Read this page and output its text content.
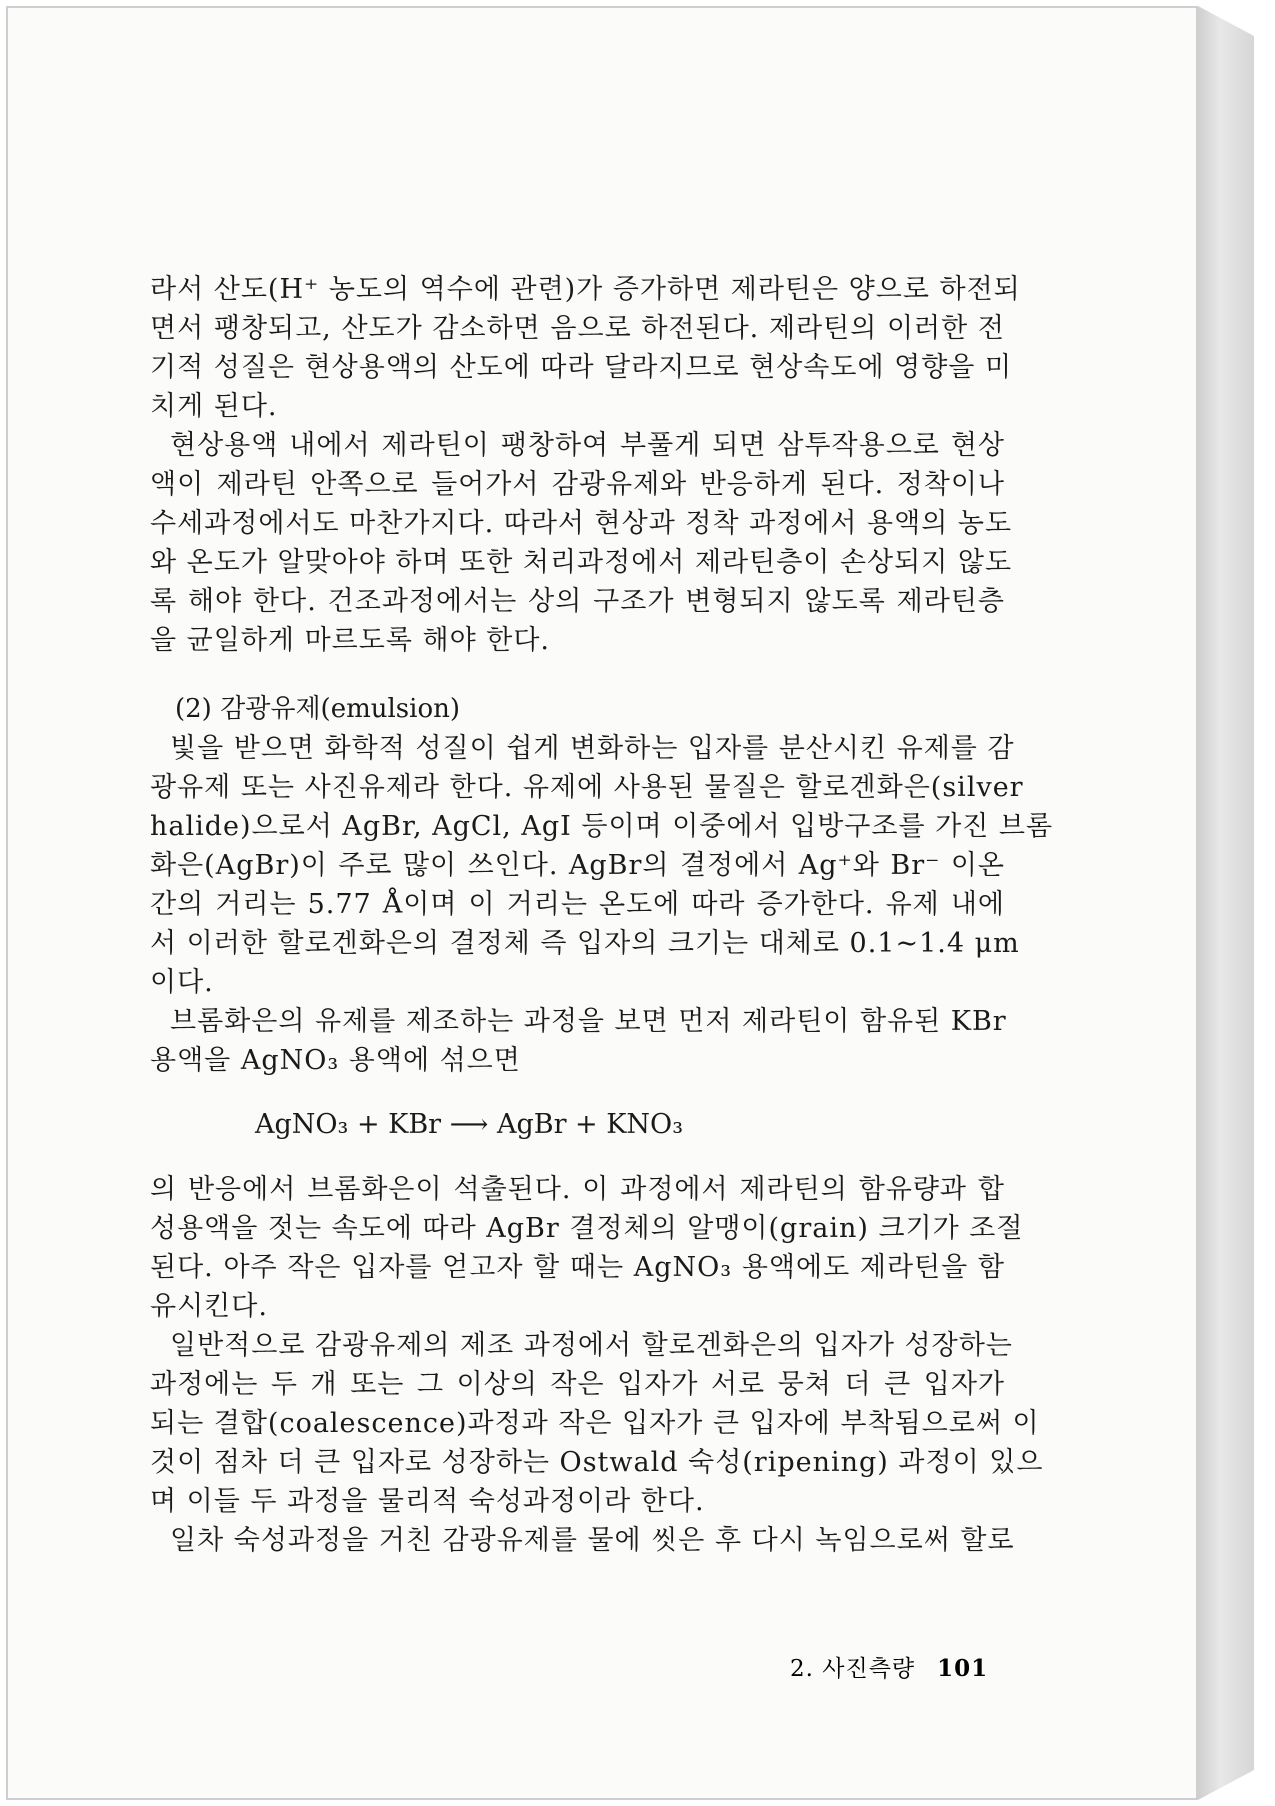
라서 산도(H⁺ 농도의 역수에 관련)가 증가하면 제라틴은 양으로 하전되
면서 팽창되고, 산도가 감소하면 음으로 하전된다. 제라틴의 이러한 전
기적 성질은 현상용액의 산도에 따라 달라지므로 현상속도에 영향을 미
치게 된다.
현상용액 내에서 제라틴이 팽창하여 부풀게 되면 삼투작용으로 현상
액이 제라틴 안쪽으로 들어가서 감광유제와 반응하게 된다. 정착이나
수세과정에서도 마찬가지다. 따라서 현상과 정착 과정에서 용액의 농도
와 온도가 알맞아야 하며 또한 처리과정에서 제라틴층이 손상되지 않도
록 해야 한다. 건조과정에서는 상의 구조가 변형되지 않도록 제라틴층
을 균일하게 마르도록 해야 한다.
(2) 감광유제(emulsion)
빛을 받으면 화학적 성질이 쉽게 변화하는 입자를 분산시킨 유제를 감
광유제 또는 사진유제라 한다. 유제에 사용된 물질은 할로겐화은(silver
halide)으로서 AgBr, AgCl, AgI 등이며 이중에서 입방구조를 가진 브롬
화은(AgBr)이 주로 많이 쓰인다. AgBr의 결정에서 Ag⁺와 Br⁻ 이온
간의 거리는 5.77 Å이며 이 거리는 온도에 따라 증가한다. 유제 내에
서 이러한 할로겐화은의 결정체 즉 입자의 크기는 대체로 0.1∼1.4 μm
이다.
브롬화은의 유제를 제조하는 과정을 보면 먼저 제라틴이 함유된 KBr
용액을 AgNO₃ 용액에 섞으면
AgNO₃ + KBr ⟶ AgBr + KNO₃
의 반응에서 브롬화은이 석출된다. 이 과정에서 제라틴의 함유량과 합
성용액을 젓는 속도에 따라 AgBr 결정체의 알맹이(grain) 크기가 조절
된다. 아주 작은 입자를 얻고자 할 때는 AgNO₃ 용액에도 제라틴을 함
유시킨다.
일반적으로 감광유제의 제조 과정에서 할로겐화은의 입자가 성장하는
과정에는 두 개 또는 그 이상의 작은 입자가 서로 뭉쳐 더 큰 입자가
되는 결합(coalescence)과정과 작은 입자가 큰 입자에 부착됨으로써 이
것이 점차 더 큰 입자로 성장하는 Ostwald 숙성(ripening) 과정이 있으
며 이들 두 과정을 물리적 숙성과정이라 한다.
일차 숙성과정을 거친 감광유제를 물에 씻은 후 다시 녹임으로써 할로
2. 사진측량 101
